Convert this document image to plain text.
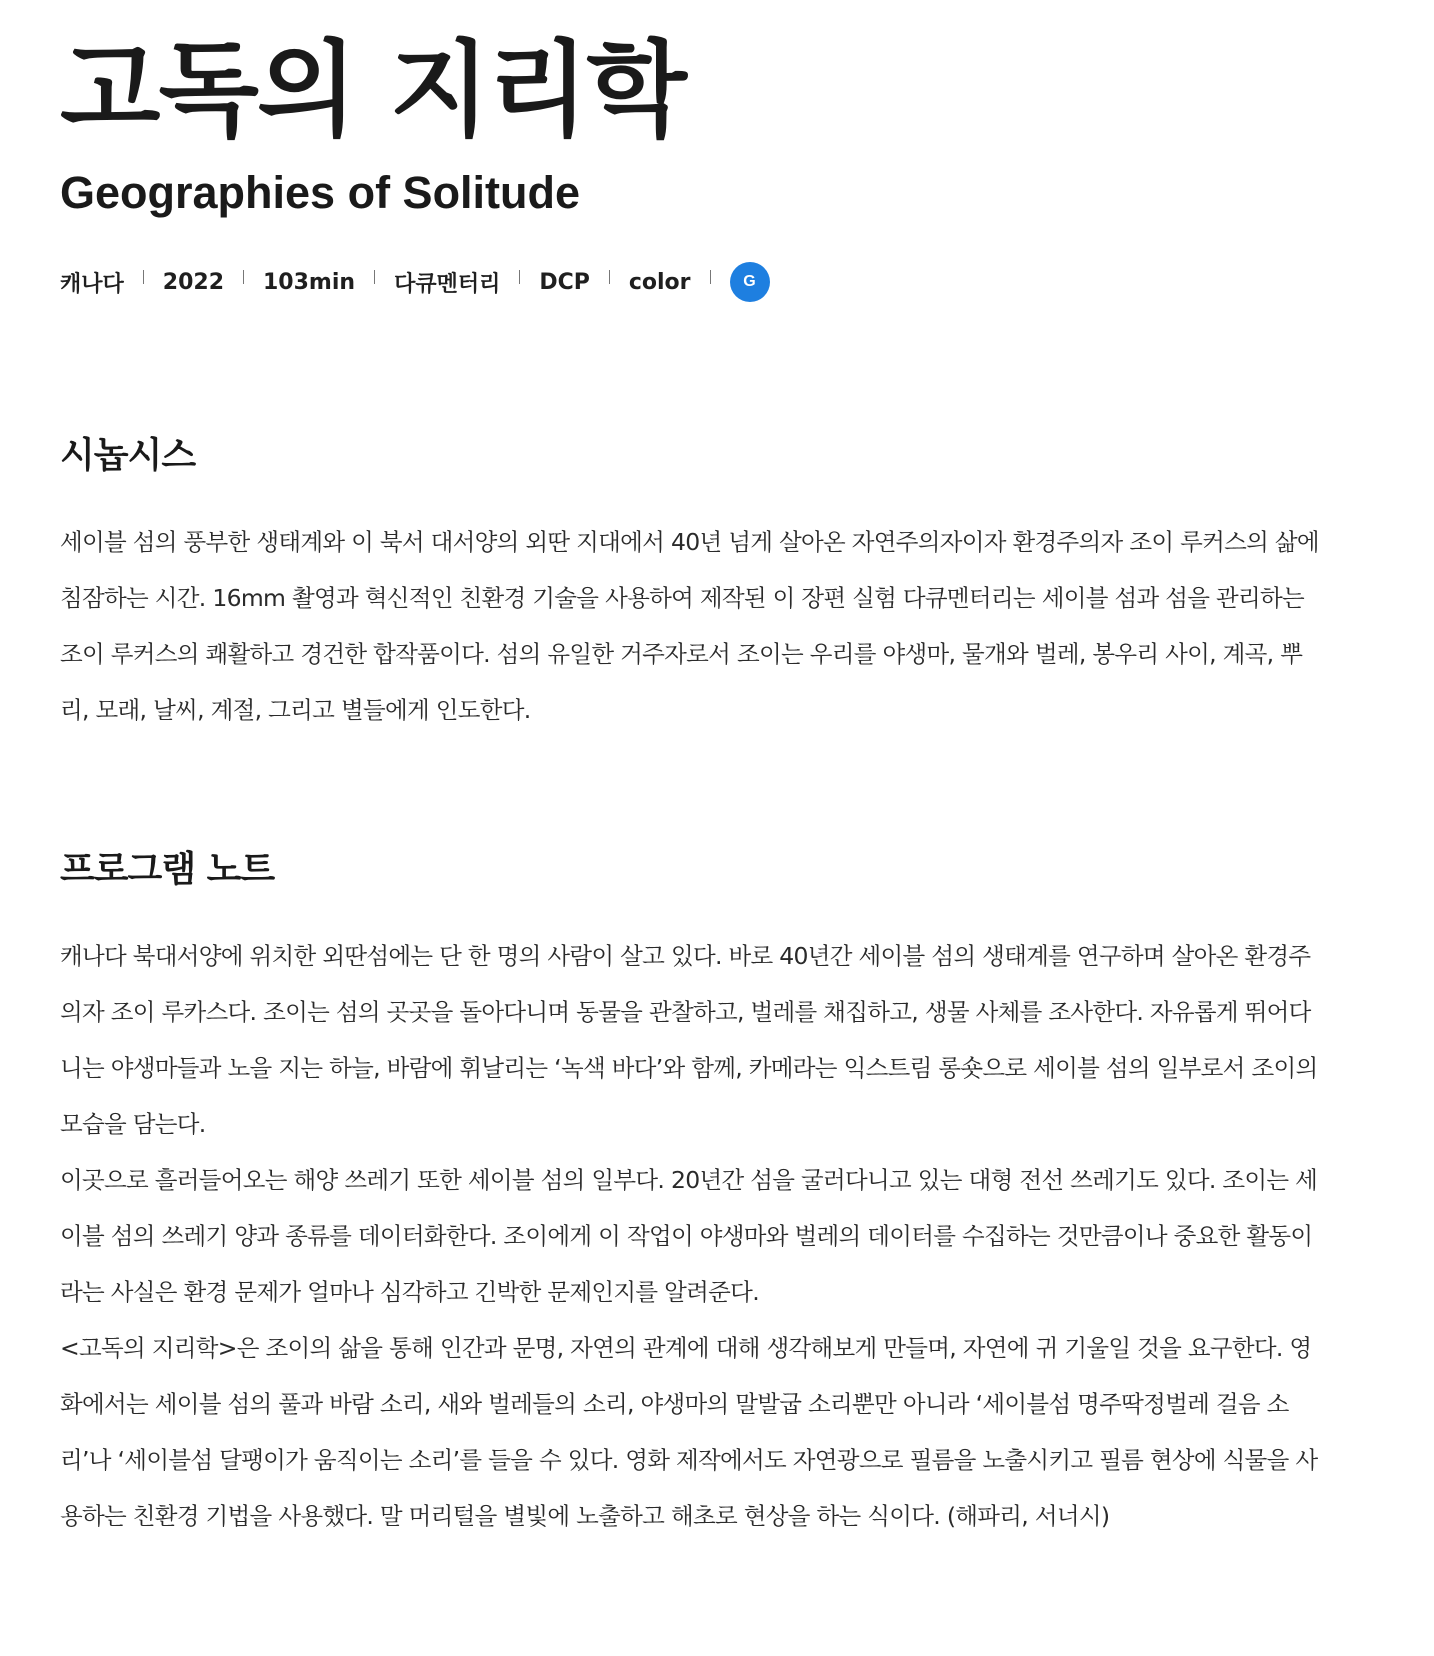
고독의 지리학
Geographies of Solitude
캐나다 2022 103min 다큐멘터리 DCP color	G
시놉시스

세이블 섬의 풍부한 생태계와 이 북서 대서양의 외딴 지대에서 40년 넘게 살아온 자연주의자이자 환경주의자 조이 루커스의 삶에 침잠하는 시간. 16mm 촬영과 혁신적인 친환경 기술을 사용하여 제작된 이 장편 실험 다큐멘터리는 세이블 섬과 섬을 관리하는 조이 루커스의 쾌활하고 경건한 합작품이다. 섬의 유일한 거주자로서 조이는 우리를 야생마, 물개와 벌레, 봉우리 사이, 계곡, 뿌리, 모래, 날씨, 계절, 그리고 별들에게 인도한다.

프로그램 노트

캐나다 북대서양에 위치한 외딴섬에는 단 한 명의 사람이 살고 있다. 바로 40년간 세이블 섬의 생태계를 연구하며 살아온 환경주의자 조이 루카스다. 조이는 섬의 곳곳을 돌아다니며 동물을 관찰하고, 벌레를 채집하고, 생물 사체를 조사한다. 자유롭게 뛰어다니는 야생마들과 노을 지는 하늘, 바람에 휘날리는 ‘녹색 바다’와 함께, 카메라는 익스트림 롱숏으로 세이블 섬의 일부로서 조이의 모습을 담는다.

이곳으로 흘러들어오는 해양 쓰레기 또한 세이블 섬의 일부다. 20년간 섬을 굴러다니고 있는 대형 전선 쓰레기도 있다. 조이는 세이블 섬의 쓰레기 양과 종류를 데이터화한다. 조이에게 이 작업이 야생마와 벌레의 데이터를 수집하는 것만큼이나 중요한 활동이라는 사실은 환경 문제가 얼마나 심각하고 긴박한 문제인지를 알려준다.

<고독의 지리학>은 조이의 삶을 통해 인간과 문명, 자연의 관계에 대해 생각해보게 만들며, 자연에 귀 기울일 것을 요구한다. 영화에서는 세이블 섬의 풀과 바람 소리, 새와 벌레들의 소리, 야생마의 말발굽 소리뿐만 아니라 ‘세이블섬 명주딱정벌레 걸음 소리’나 ‘세이블섬 달팽이가 움직이는 소리’를 들을 수 있다. 영화 제작에서도 자연광으로 필름을 노출시키고 필름 현상에 식물을 사용하는 친환경 기법을 사용했다. 말 머리털을 별빛에 노출하고 해초로 현상을 하는 식이다. (해파리, 서너시)
